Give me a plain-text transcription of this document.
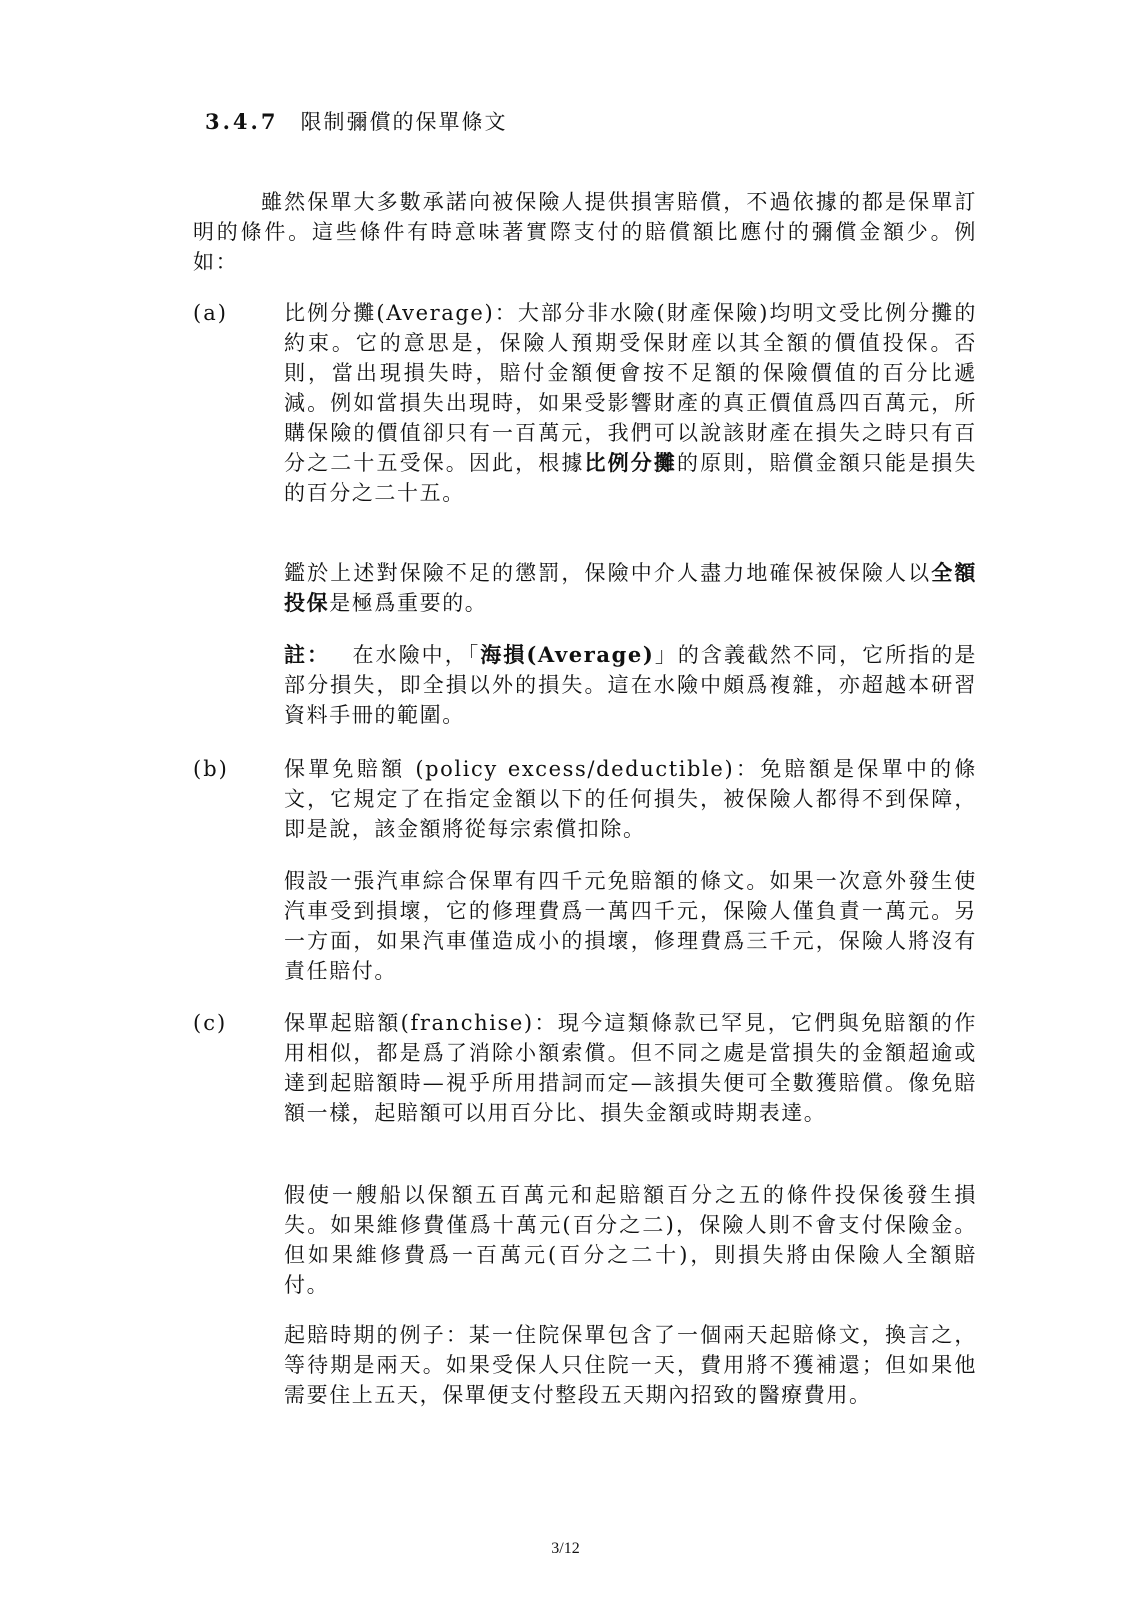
3.4.7 限制彌償的保單條文

雖然保單大多數承諾向被保險人提供損害賠償，不過依據的都是保單訂明的條件。這些條件有時意味著實際支付的賠償額比應付的彌償金額少。例如：

(a)	比例分攤(Average)：大部分非水險(財產保險)均明文受比例分攤的約束。它的意思是，保險人預期受保財産以其全額的價值投保。否則，當出現損失時，賠付金額便會按不足額的保險價值的百分比遞減。例如當損失出現時，如果受影響財產的真正價值爲四百萬元，所購保險的價值卻只有一百萬元，我們可以說該財產在損失之時只有百分之二十五受保。因此，根據比例分攤的原則，賠償金額只能是損失的百分之二十五。

鑑於上述對保險不足的懲罰，保險中介人盡力地確保被保險人以全額投保是極爲重要的。

註： 在水險中，「海損(Average)」的含義截然不同，它所指的是部分損失，即全損以外的損失。這在水險中頗爲複雜，亦超越本研習資料手冊的範圍。

(b)	保單免賠額 (policy excess/deductible)：免賠額是保單中的條文，它規定了在指定金額以下的任何損失，被保險人都得不到保障，即是說，該金額將從每宗索償扣除。

假設一張汽車綜合保單有四千元免賠額的條文。如果一次意外發生使汽車受到損壞，它的修理費爲一萬四千元，保險人僅負責一萬元。另一方面，如果汽車僅造成小的損壞，修理費爲三千元，保險人將沒有責任賠付。

(c)	保單起賠額(franchise)：現今這類條款已罕見，它們與免賠額的作用相似，都是爲了消除小額索償。但不同之處是當損失的金額超逾或達到起賠額時—視乎所用措詞而定—該損失便可全數獲賠償。像免賠額一樣，起賠額可以用百分比、損失金額或時期表達。

假使一艘船以保額五百萬元和起賠額百分之五的條件投保後發生損失。如果維修費僅爲十萬元(百分之二)，保險人則不會支付保險金。但如果維修費爲一百萬元(百分之二十)，則損失將由保險人全額賠付。

起賠時期的例子：某一住院保單包含了一個兩天起賠條文，換言之，等待期是兩天。如果受保人只住院一天，費用將不獲補還；但如果他需要住上五天，保單便支付整段五天期內招致的醫療費用。

3/12
